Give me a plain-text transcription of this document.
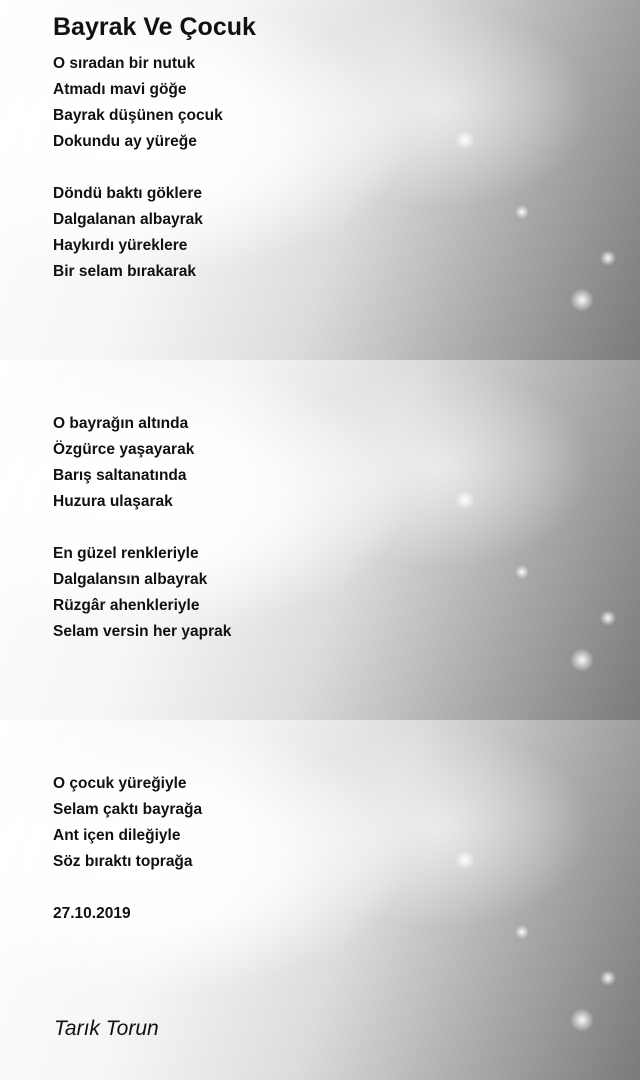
Bayrak Ve Çocuk
O sıradan bir nutuk
Atmadı mavi göğe
Bayrak düşünen çocuk
Dokundu ay yüreğe
Döndü baktı göklere
Dalgalanan albayrak
Haykırdı yüreklere
Bir selam bırakarak
O bayrağın altında
Özgürce yaşayarak
Barış saltanatında
Huzura ulaşarak
En güzel renkleriyle
Dalgalansın albayrak
Rüzgâr ahenkleriyle
Selam versin her yaprak
O çocuk yüreğiyle
Selam çaktı bayrağa
Ant içen dileğiyle
Söz bıraktı toprağa
27.10.2019
Tarık Torun
